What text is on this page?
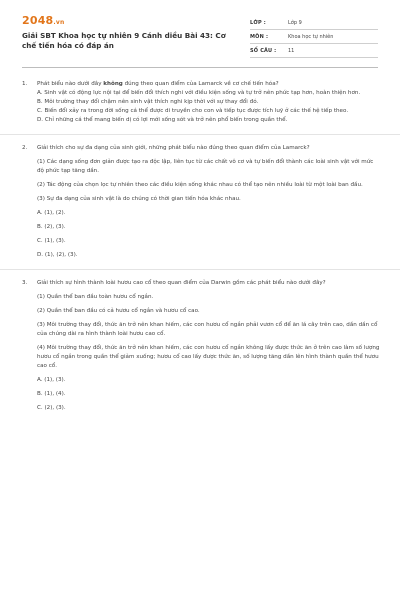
2048.vn
Giải SBT Khoa học tự nhiên 9 Cánh diều Bài 43: Cơ chế tiến hóa có đáp án
LỚP :	Lớp 9
MÔN :	Khoa học tự nhiên
SỐ CÂU :	11
1.	Phát biểu nào dưới đây không đúng theo quan điểm của Lamarck về cơ chế tiến hóa?
A. Sinh vật có động lực nội tại để biến đổi thích nghi với điều kiện sống và tự trở nên phức tạp hơn, hoàn thiện hơn.
B. Môi trường thay đổi chậm nên sinh vật thích nghi kịp thời với sự thay đổi đó.
C. Biến đổi xảy ra trong đời sống cá thể được di truyền cho con và tiếp tục được tích luỹ ở các thế hệ tiếp theo.
D. Chỉ những cá thể mang biến dị có lợi mới sống sót và trở nên phổ biến trong quần thể.
2.	Giải thích cho sự đa dạng của sinh giới, những phát biểu nào đúng theo quan điểm của Lamarck?
(1) Các dạng sống đơn giản được tạo ra độc lập, liên tục từ các chất vô cơ và tự biến đổi thành các loài sinh vật với mức độ phức tạp tăng dần.
(2) Tác động của chọn lọc tự nhiên theo các điều kiện sống khác nhau có thể tạo nên nhiều loài từ một loài ban đầu.
(3) Sự đa dạng của sinh vật là do chúng có thời gian tiến hóa khác nhau.
A. (1), (2).
B. (2), (3).
C. (1), (3).
D. (1), (2), (3).
3.	Giải thích sự hình thành loài hươu cao cổ theo quan điểm của Darwin gồm các phát biểu nào dưới đây?
(1) Quần thể ban đầu toàn hươu cổ ngắn.
(2) Quần thể ban đầu có cả hươu cổ ngắn và hươu cổ cao.
(3) Môi trường thay đổi, thức ăn trở nên khan hiếm, các con hươu cổ ngắn phải vươn cổ để ăn lá cây trên cao, dần dần cổ của chúng dài ra hình thành loài hươu cao cổ.
(4) Môi trường thay đổi, thức ăn trở nên khan hiếm, các con hươu cổ ngắn không lấy được thức ăn ở trên cao làm số lượng hươu cổ ngắn trong quần thể giảm xuống; hươu cổ cao lấy được thức ăn, số lượng tăng dần lên hình thành quần thể hươu cao cổ.
A. (1), (3).
B. (1), (4).
C. (2), (3).
